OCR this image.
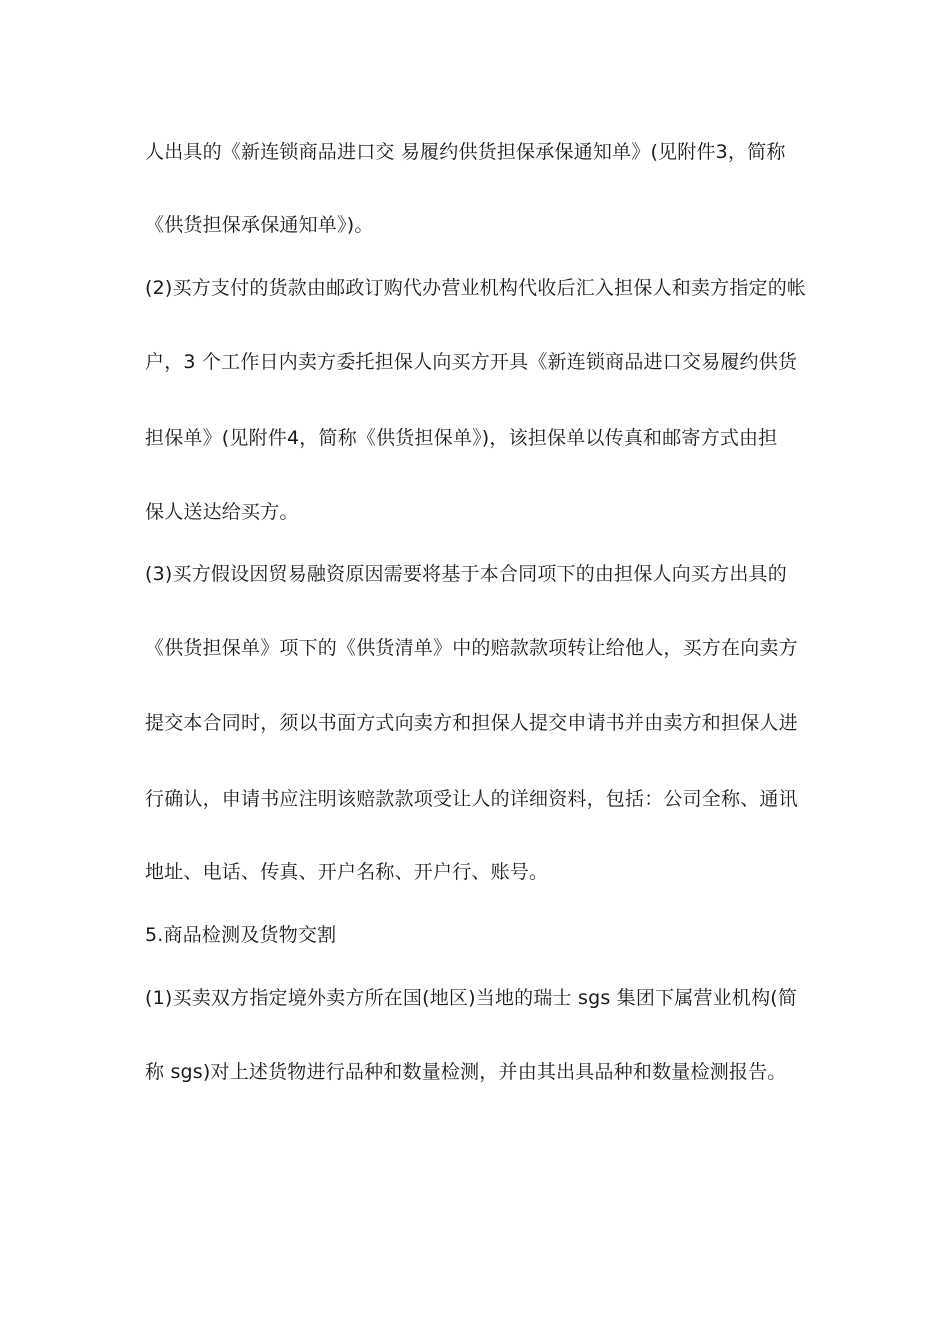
人出具的《新连锁商品进口交 易履约供货担保承保通知单》(见附件3，简称
《供货担保承保通知单》)。
(2)买方支付的货款由邮政订购代办营业机构代收后汇入担保人和卖方指定的帐
户，3 个工作日内卖方委托担保人向买方开具《新连锁商品进口交易履约供货
担保单》(见附件4，简称《供货担保单》)，该担保单以传真和邮寄方式由担
保人送达给买方。
(3)买方假设因贸易融资原因需要将基于本合同项下的由担保人向买方出具的
《供货担保单》项下的《供货清单》中的赔款款项转让给他人，买方在向卖方
提交本合同时，须以书面方式向卖方和担保人提交申请书并由卖方和担保人进
行确认，申请书应注明该赔款款项受让人的详细资料，包括：公司全称、通讯
地址、电话、传真、开户名称、开户行、账号。
5.商品检测及货物交割
(1)买卖双方指定境外卖方所在国(地区)当地的瑞士 sgs 集团下属营业机构(简
称 sgs)对上述货物进行品种和数量检测，并由其出具品种和数量检测报告。
